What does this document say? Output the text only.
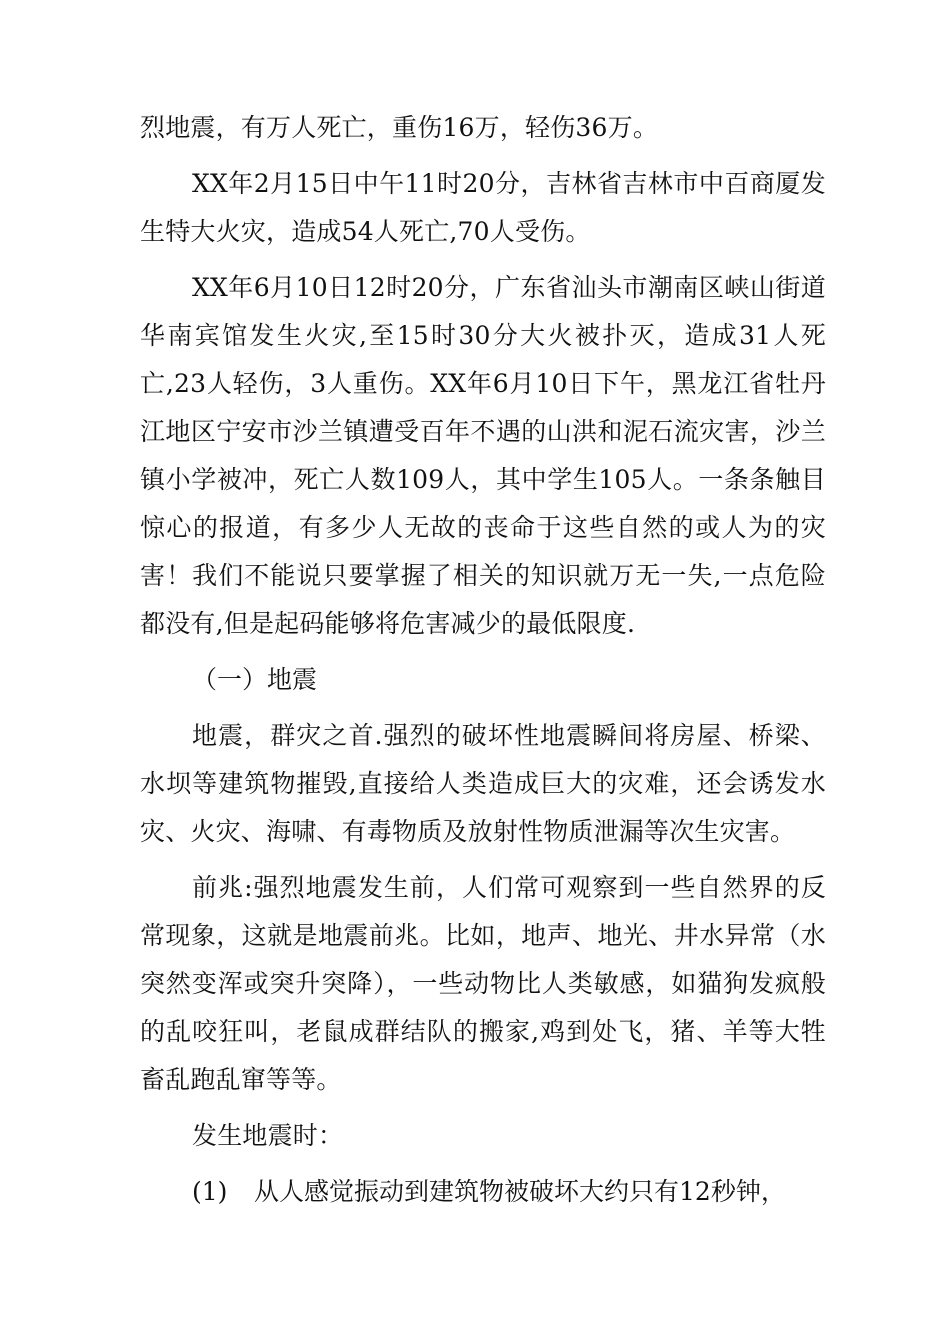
烈地震，有万人死亡，重伤16万，轻伤36万。

XX年2月15日中午11时20分，吉林省吉林市中百商厦发生特大火灾，造成54人死亡,70人受伤。

XX年6月10日12时20分，广东省汕头市潮南区峡山街道华南宾馆发生火灾,至15时30分大火被扑灭，造成31人死亡,23人轻伤，3人重伤。XX年6月10日下午，黑龙江省牡丹江地区宁安市沙兰镇遭受百年不遇的山洪和泥石流灾害，沙兰镇小学被冲，死亡人数109人，其中学生105人。一条条触目惊心的报道，有多少人无故的丧命于这些自然的或人为的灾害！我们不能说只要掌握了相关的知识就万无一失,一点危险都没有,但是起码能够将危害减少的最低限度.

（一）地震

地震，群灾之首.强烈的破坏性地震瞬间将房屋、桥梁、水坝等建筑物摧毁,直接给人类造成巨大的灾难，还会诱发水灾、火灾、海啸、有毒物质及放射性物质泄漏等次生灾害。

前兆:强烈地震发生前，人们常可观察到一些自然界的反常现象，这就是地震前兆。比如，地声、地光、井水异常（水突然变浑或突升突降），一些动物比人类敏感，如猫狗发疯般的乱咬狂叫，老鼠成群结队的搬家,鸡到处飞，猪、羊等大牲畜乱跑乱窜等等。

发生地震时：

(1) 从人感觉振动到建筑物被破坏大约只有12秒钟，
